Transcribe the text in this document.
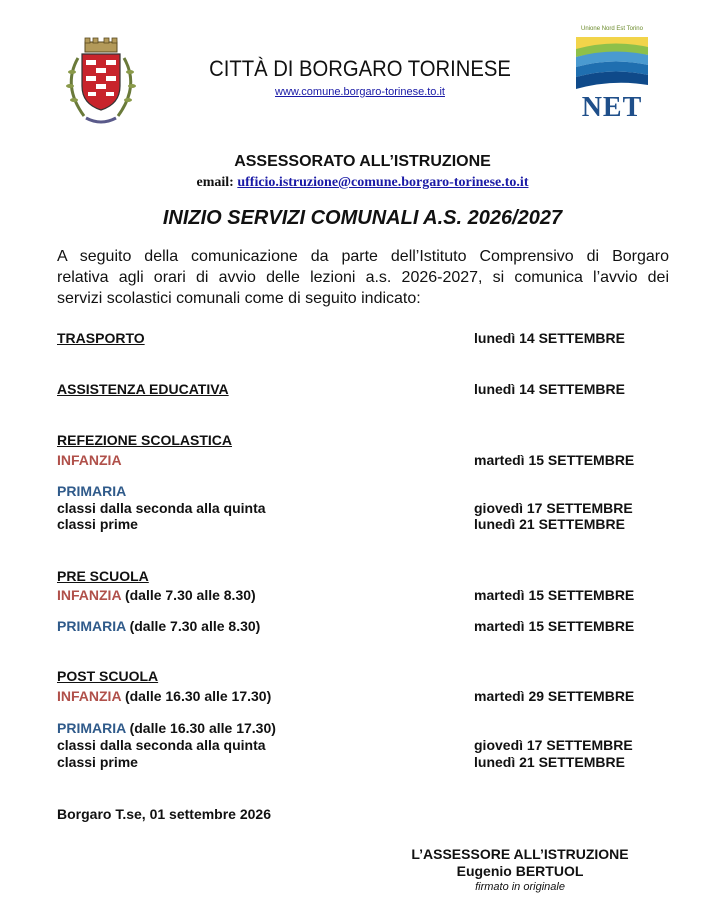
CITTÀ DI BORGARO TORINESE
www.comune.borgaro-torinese.to.it
Unione Nord Est Torino
NET
ASSESSORATO ALL’ISTRUZIONE
email: ufficio.istruzione@comune.borgaro-torinese.to.it
INIZIO SERVIZI COMUNALI A.S. 2026/2027
A seguito della comunicazione da parte dell’Istituto Comprensivo di Borgaro
relativa agli orari di avvio delle lezioni a.s. 2026-2027, si comunica l’avvio dei
servizi scolastici comunali come di seguito indicato:
TRASPORTO	lunedì 14 SETTEMBRE
ASSISTENZA EDUCATIVA	lunedì 14 SETTEMBRE
REFEZIONE SCOLASTICA
INFANZIA	martedì 15 SETTEMBRE
PRIMARIA
classi dalla seconda alla quinta	giovedì 17 SETTEMBRE
classi prime	lunedì 21 SETTEMBRE
PRE SCUOLA
INFANZIA (dalle 7.30 alle 8.30)	martedì 15 SETTEMBRE
PRIMARIA (dalle 7.30 alle 8.30)	martedì 15 SETTEMBRE
POST SCUOLA
INFANZIA (dalle 16.30 alle 17.30)	martedì 29 SETTEMBRE
PRIMARIA (dalle 16.30 alle 17.30)
classi dalla seconda alla quinta	giovedì 17 SETTEMBRE
classi prime	lunedì 21 SETTEMBRE
Borgaro T.se, 01 settembre 2026
L’ASSESSORE ALL’ISTRUZIONE
Eugenio BERTUOL
firmato in originale
